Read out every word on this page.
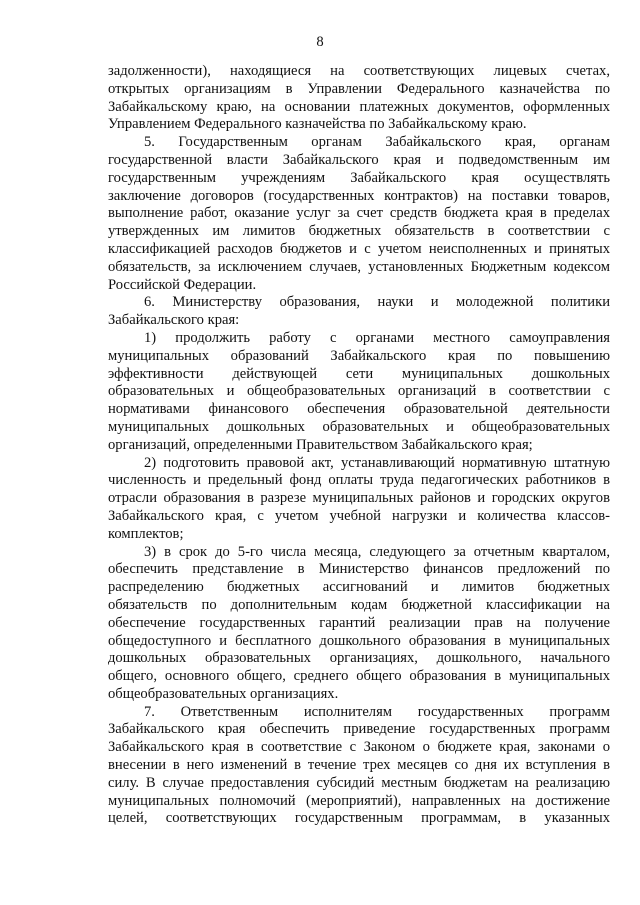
8
задолженности), находящиеся на соответствующих лицевых счетах,
открытых организациям в Управлении Федерального казначейства по
Забайкальскому краю, на основании платежных документов, оформленных
Управлением Федерального казначейства по Забайкальскому краю.
5. Государственным органам Забайкальского края, органам
государственной власти Забайкальского края и подведомственным им
государственным учреждениям Забайкальского края осуществлять
заключение договоров (государственных контрактов) на поставки товаров,
выполнение работ, оказание услуг за счет средств бюджета края в пределах
утвержденных им лимитов бюджетных обязательств в соответствии с
классификацией расходов бюджетов и с учетом неисполненных и принятых
обязательств, за исключением случаев, установленных Бюджетным кодексом
Российской Федерации.
6. Министерству образования, науки и молодежной политики
Забайкальского края:
1) продолжить работу с органами местного самоуправления
муниципальных образований Забайкальского края по повышению
эффективности действующей сети муниципальных дошкольных
образовательных и общеобразовательных организаций в соответствии с
нормативами финансового обеспечения образовательной деятельности
муниципальных дошкольных образовательных и общеобразовательных
организаций, определенными Правительством Забайкальского края;
2) подготовить правовой акт, устанавливающий нормативную штатную
численность и предельный фонд оплаты труда педагогических работников в
отрасли образования в разрезе муниципальных районов и городских округов
Забайкальского края, с учетом учебной нагрузки и количества классов-
комплектов;
3) в срок до 5-го числа месяца, следующего за отчетным кварталом,
обеспечить представление в Министерство финансов предложений по
распределению бюджетных ассигнований и лимитов бюджетных
обязательств по дополнительным кодам бюджетной классификации на
обеспечение государственных гарантий реализации прав на получение
общедоступного и бесплатного дошкольного образования в муниципальных
дошкольных образовательных организациях, дошкольного, начального
общего, основного общего, среднего общего образования в муниципальных
общеобразовательных организациях.
7. Ответственным исполнителям государственных программ
Забайкальского края обеспечить приведение государственных программ
Забайкальского края в соответствие с Законом о бюджете края, законами о
внесении в него изменений в течение трех месяцев со дня их вступления в
силу. В случае предоставления субсидий местным бюджетам на реализацию
муниципальных полномочий (мероприятий), направленных на достижение
целей, соответствующих государственным программам, в указанных
